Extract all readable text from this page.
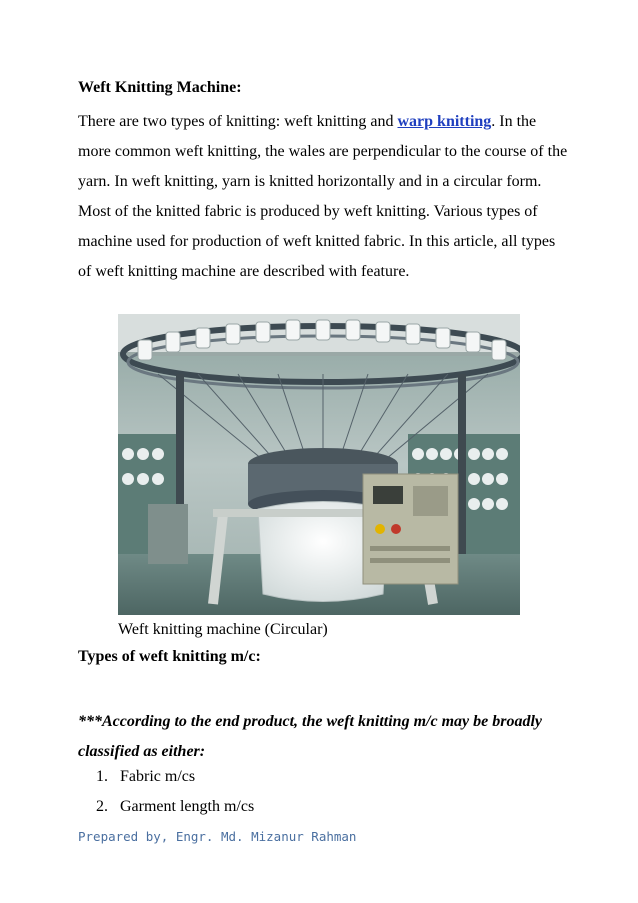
Weft Knitting Machine:

There are two types of knitting: weft knitting and warp knitting. In the more common weft knitting, the wales are perpendicular to the course of the yarn. In weft knitting, yarn is knitted horizontally and in a circular form. Most of the knitted fabric is produced by weft knitting. Various types of machine used for production of weft knitted fabric. In this article, all types of weft knitting machine are described with feature.

Weft knitting machine (Circular)

Types of weft knitting m/c:

***According to the end product, the weft knitting m/c may be broadly classified as either:

1. Fabric m/cs
2. Garment length m/cs

Prepared by, Engr. Md. Mizanur Rahman
